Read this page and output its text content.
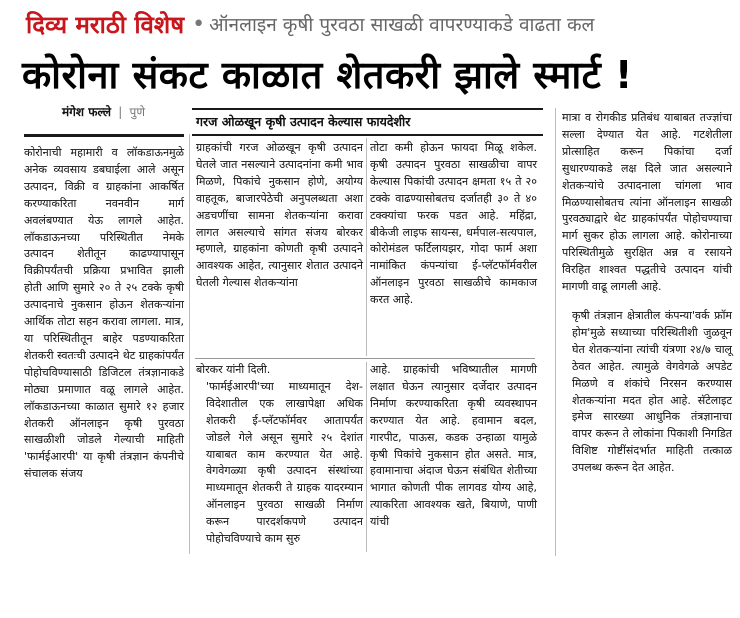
दिव्य मराठी विशेष • ऑनलाइन कृषी पुरवठा साखळी वापरण्याकडे वाढता कल
कोरोना संकट काळात शेतकरी झाले स्मार्ट !
मंगेश फल्ले | पुणे

कोरोनाची महामारी व लॉकडाऊनमुळे अनेक व्यवसाय डबघाईला आले असून उत्पादन, विक्री व ग्राहकांना आकर्षित करण्याकरिता नवनवीन मार्ग अवलंबण्यात येऊ लागले आहेत. लॉकडाऊनच्या परिस्थितीत नेमके उत्पादन शेतीतून काढण्यापासून विक्रीपर्यंतची प्रक्रिया प्रभावित झाली होती आणि सुमारे २० ते २५ टक्के कृषी उत्पादनाचे नुकसान होऊन शेतकऱ्यांना आर्थिक तोटा सहन करावा लागला. मात्र, या परिस्थितीतून बाहेर पडण्याकरिता शेतकरी स्वतःची उत्पादने थेट ग्राहकांपर्यंत पोहोचविण्यासाठी डिजिटल तंत्रज्ञानाकडे मोठ्या प्रमाणात वळू लागले आहेत. लॉकडाऊनच्या काळात सुमारे १२ हजार शेतकरी ऑनलाइन कृषी पुरवठा साखळीशी जोडले गेल्याची माहिती 'फार्मईआरपी' या कृषी तंत्रज्ञान कंपनीचे संचालक संजय

गरज ओळखून कृषी उत्पादन केल्यास फायदेशीर

ग्राहकांची गरज ओळखून कृषी उत्पादन घेतले जात नसल्याने उत्पादनांना कमी भाव मिळणे, पिकांचे नुकसान होणे, अयोग्य वाहतूक, बाजारपेठेची अनुपलब्धता अशा अडचणींचा सामना शेतकऱ्यांना करावा लागत असल्याचे सांगत संजय बोरकर म्हणाले, ग्राहकांना कोणती कृषी उत्पादने आवश्यक आहेत, त्यानुसार शेतात उत्पादने घेतली गेल्यास शेतकऱ्यांना

तोटा कमी होऊन फायदा मिळू शकेल. कृषी उत्पादन पुरवठा साखळीचा वापर केल्यास पिकांची उत्पादन क्षमता १५ ते २० टक्के वाढण्यासोबतच दर्जातही ३० ते ४० टक्क्यांचा फरक पडत आहे. महिंद्रा, बीकेजी लाइफ सायन्स, धर्मपाल-सत्यपाल, कोरोमंडल फर्टिलायझर, गोदा फार्म अशा नामांकित कंपन्यांचा ई-प्लॅटफॉर्मवरील ऑनलाइन पुरवठा साखळीचे कामकाज करत आहे.

बोरकर यांनी दिली.

'फार्मईआरपी'च्या माध्यमातून देश-विदेशातील एक लाखापेक्षा अधिक शेतकरी ई-प्लॅटफॉर्मवर आतापर्यंत जोडले गेले असून सुमारे २५ देशांत याबाबत काम करण्यात येत आहे. वेगवेगळ्या कृषी उत्पादन संस्थांच्या माध्यमातून शेतकरी ते ग्राहक यादरम्यान ऑनलाइन पुरवठा साखळी निर्माण करून पारदर्शकपणे उत्पादन पोहोचविण्याचे काम सुरु

आहे. ग्राहकांची भविष्यातील मागणी लक्षात घेऊन त्यानुसार दर्जेदार उत्पादन निर्माण करण्याकरिता कृषी व्यवस्थापन करण्यात येत आहे. हवामान बदल, गारपीट, पाऊस, कडक उन्हाळा यामुळे कृषी पिकांचे नुकसान होत असते. मात्र, हवामानाचा अंदाज घेऊन संबंधित शेतीच्या भागात कोणती पीक लागवड योग्य आहे, त्याकरिता आवश्यक खते, बियाणे, पाणी यांची

मात्रा व रोगकीड प्रतिबंध याबाबत तज्ज्ञांचा सल्ला देण्यात येत आहे. गटशेतीला प्रोत्साहित करून पिकांचा दर्जा सुधारण्याकडे लक्ष दिले जात असल्याने शेतकऱ्यांचे उत्पादनाला चांगला भाव मिळण्यासोबतच त्यांना ऑनलाइन साखळी पुरवठ्याद्वारे थेट ग्राहकांपर्यंत पोहोचण्याचा मार्ग सुकर होऊ लागला आहे. कोरोनाच्या परिस्थितीमुळे सुरक्षित अन्न व रसायने विरहित शाश्वत पद्धतीचे उत्पादन यांची मागणी वाढू लागली आहे.

कृषी तंत्रज्ञान क्षेत्रातील कंपन्या'वर्क फ्रॉम होम'मुळे सध्याच्या परिस्थितीशी जुळवून घेत शेतकऱ्यांना त्यांची यंत्रणा २४/७ चालू ठेवत आहेत. त्यामुळे वेगवेगळे अपडेट मिळणे व शंकांचे निरसन करण्यास शेतकऱ्यांना मदत होत आहे. सॅटेलाइट इमेज सारख्या आधुनिक तंत्रज्ञानाचा वापर करून ते लोकांना पिकाशी निगडित विशिष्ट गोष्टींसंदर्भात माहिती तत्काळ उपलब्ध करून देत आहेत.
